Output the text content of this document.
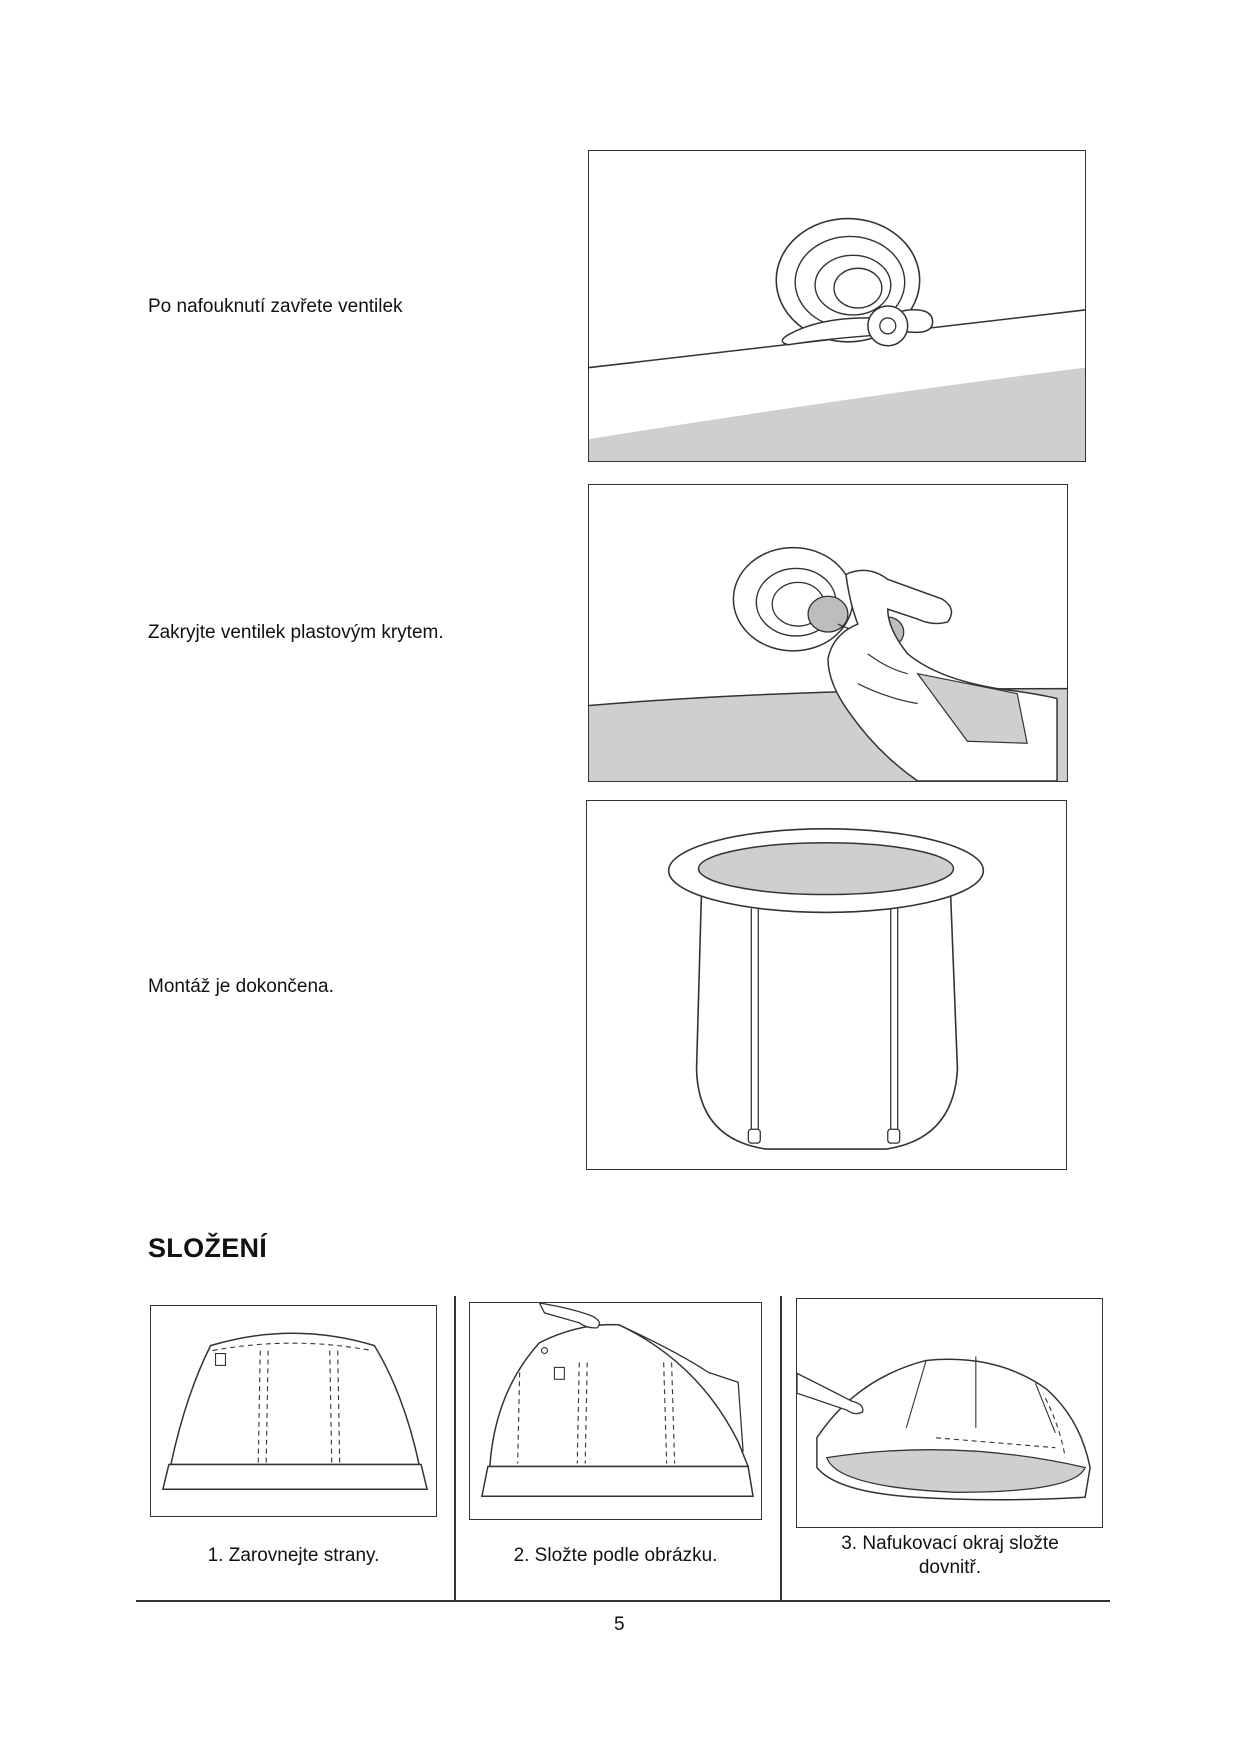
Po nafouknutí zavřete ventilek
Zakryjte ventilek plastovým krytem.
Montáž je dokončena.
SLOŽENÍ
1. Zarovnejte strany.	2. Složte podle obrázku.
3. Nafukovací okraj složte dovnitř.
5
